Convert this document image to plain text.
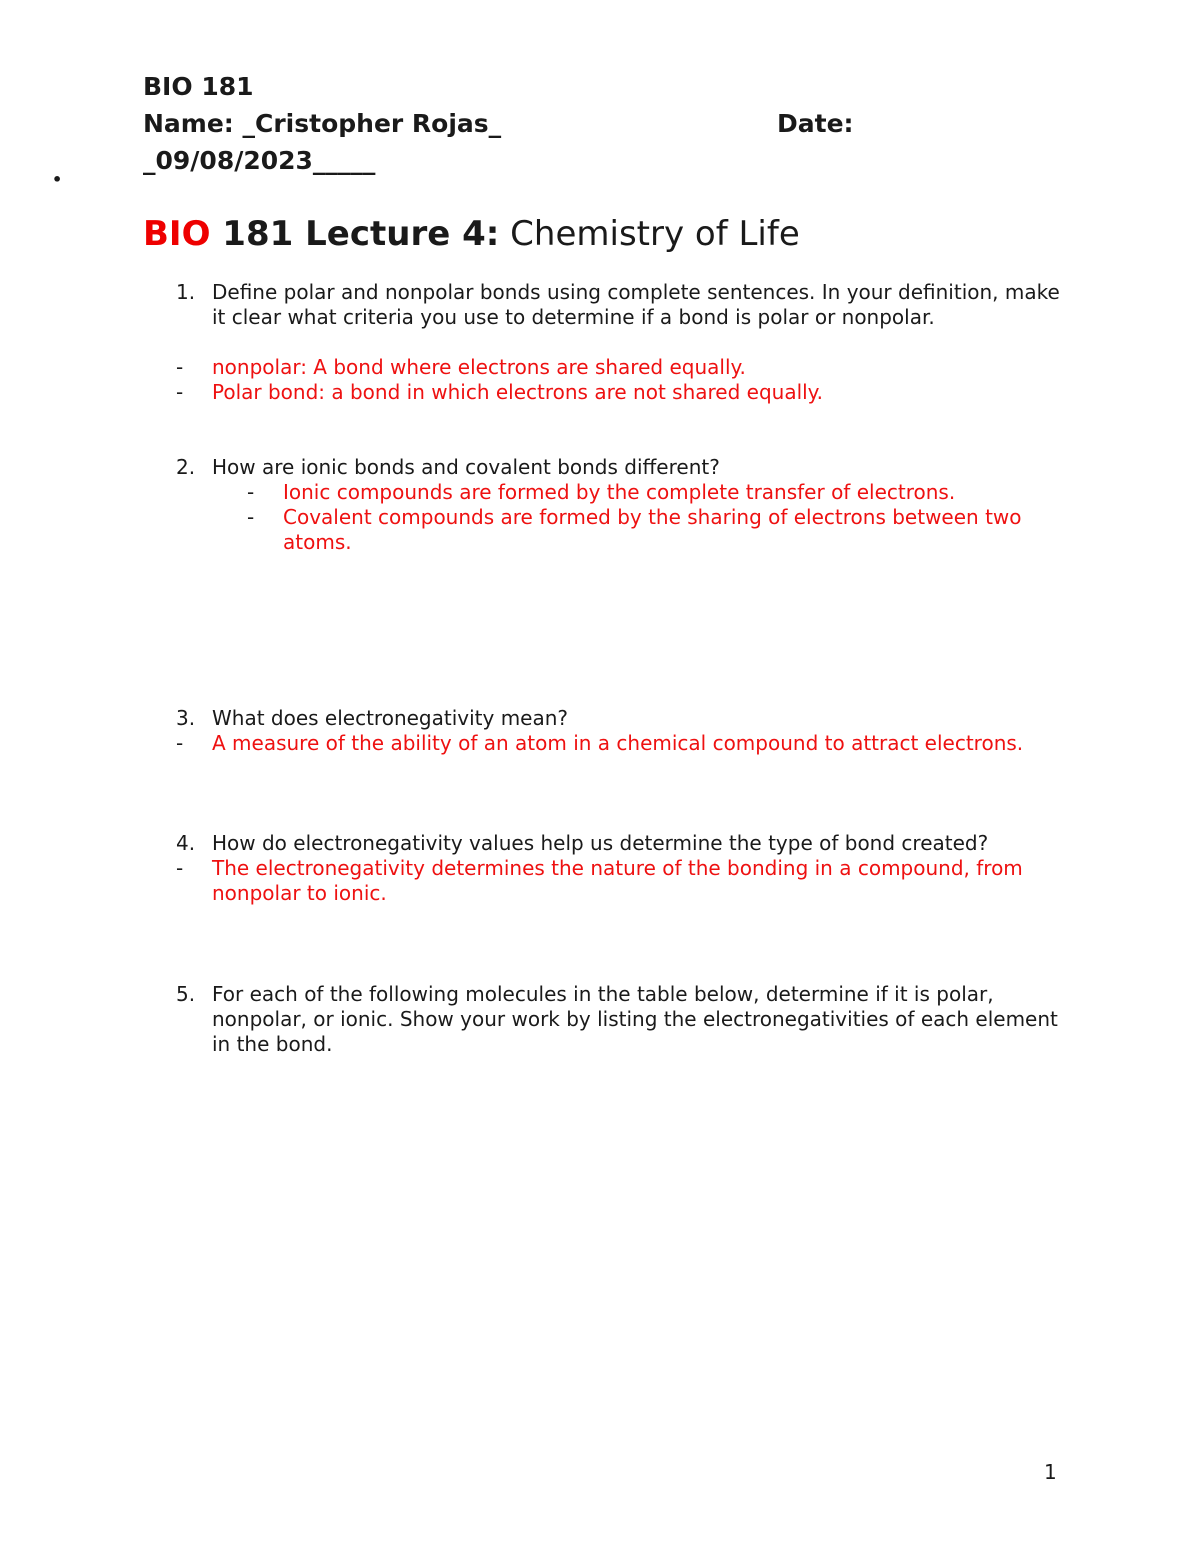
BIO 181
Name: _Cristopher Rojas_	Date:
_09/08/2023_____
•
BIO 181 Lecture 4: Chemistry of Life
1. Define polar and nonpolar bonds using complete sentences. In your definition, make it clear what criteria you use to determine if a bond is polar or nonpolar.
- nonpolar: A bond where electrons are shared equally.
- Polar bond: a bond in which electrons are not shared equally.
2. How are ionic bonds and covalent bonds different?
- Ionic compounds are formed by the complete transfer of electrons.
- Covalent compounds are formed by the sharing of electrons between two atoms.
3. What does electronegativity mean?
- A measure of the ability of an atom in a chemical compound to attract electrons.
4. How do electronegativity values help us determine the type of bond created?
- The electronegativity determines the nature of the bonding in a compound, from nonpolar to ionic.
5. For each of the following molecules in the table below, determine if it is polar, nonpolar, or ionic. Show your work by listing the electronegativities of each element in the bond.
1
